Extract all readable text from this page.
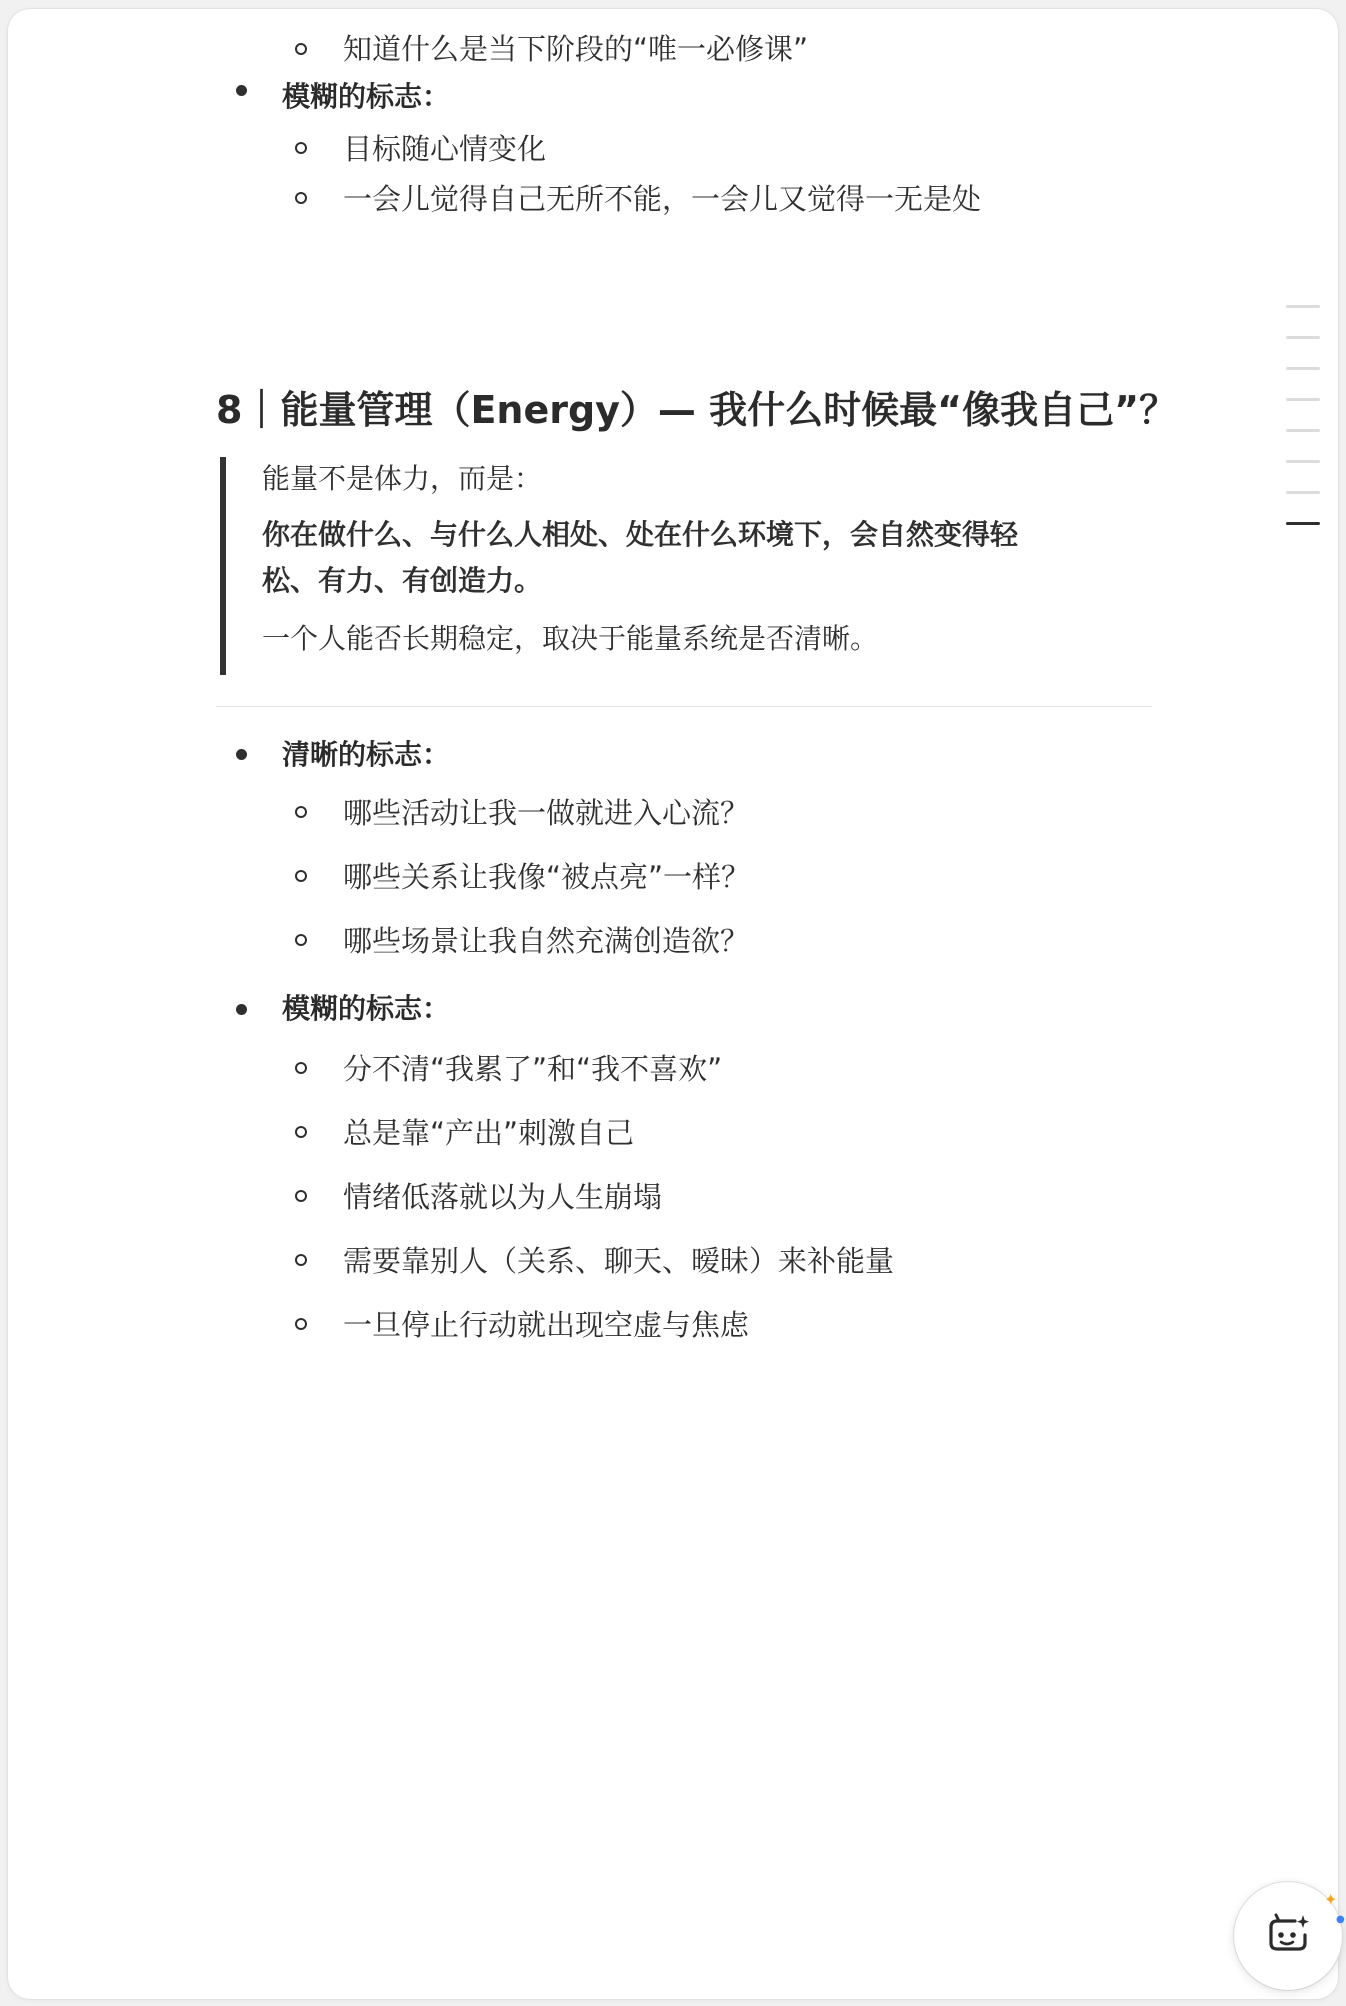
知道什么是当下阶段的“唯一必修课”
模糊的标志：
目标随心情变化
一会儿觉得自己无所不能，一会儿又觉得一无是处
8｜能量管理（Energy）— 我什么时候最“像我自己”？
能量不是体力，而是：
你在做什么、与什么人相处、处在什么环境下，会自然变得轻
松、有力、有创造力。
一个人能否长期稳定，取决于能量系统是否清晰。
清晰的标志：
哪些活动让我一做就进入心流？
哪些关系让我像“被点亮”一样？
哪些场景让我自然充满创造欲？
模糊的标志：
分不清“我累了”和“我不喜欢”
总是靠“产出”刺激自己
情绪低落就以为人生崩塌
需要靠别人（关系、聊天、暧昧）来补能量
一旦停止行动就出现空虚与焦虑
✦
●
